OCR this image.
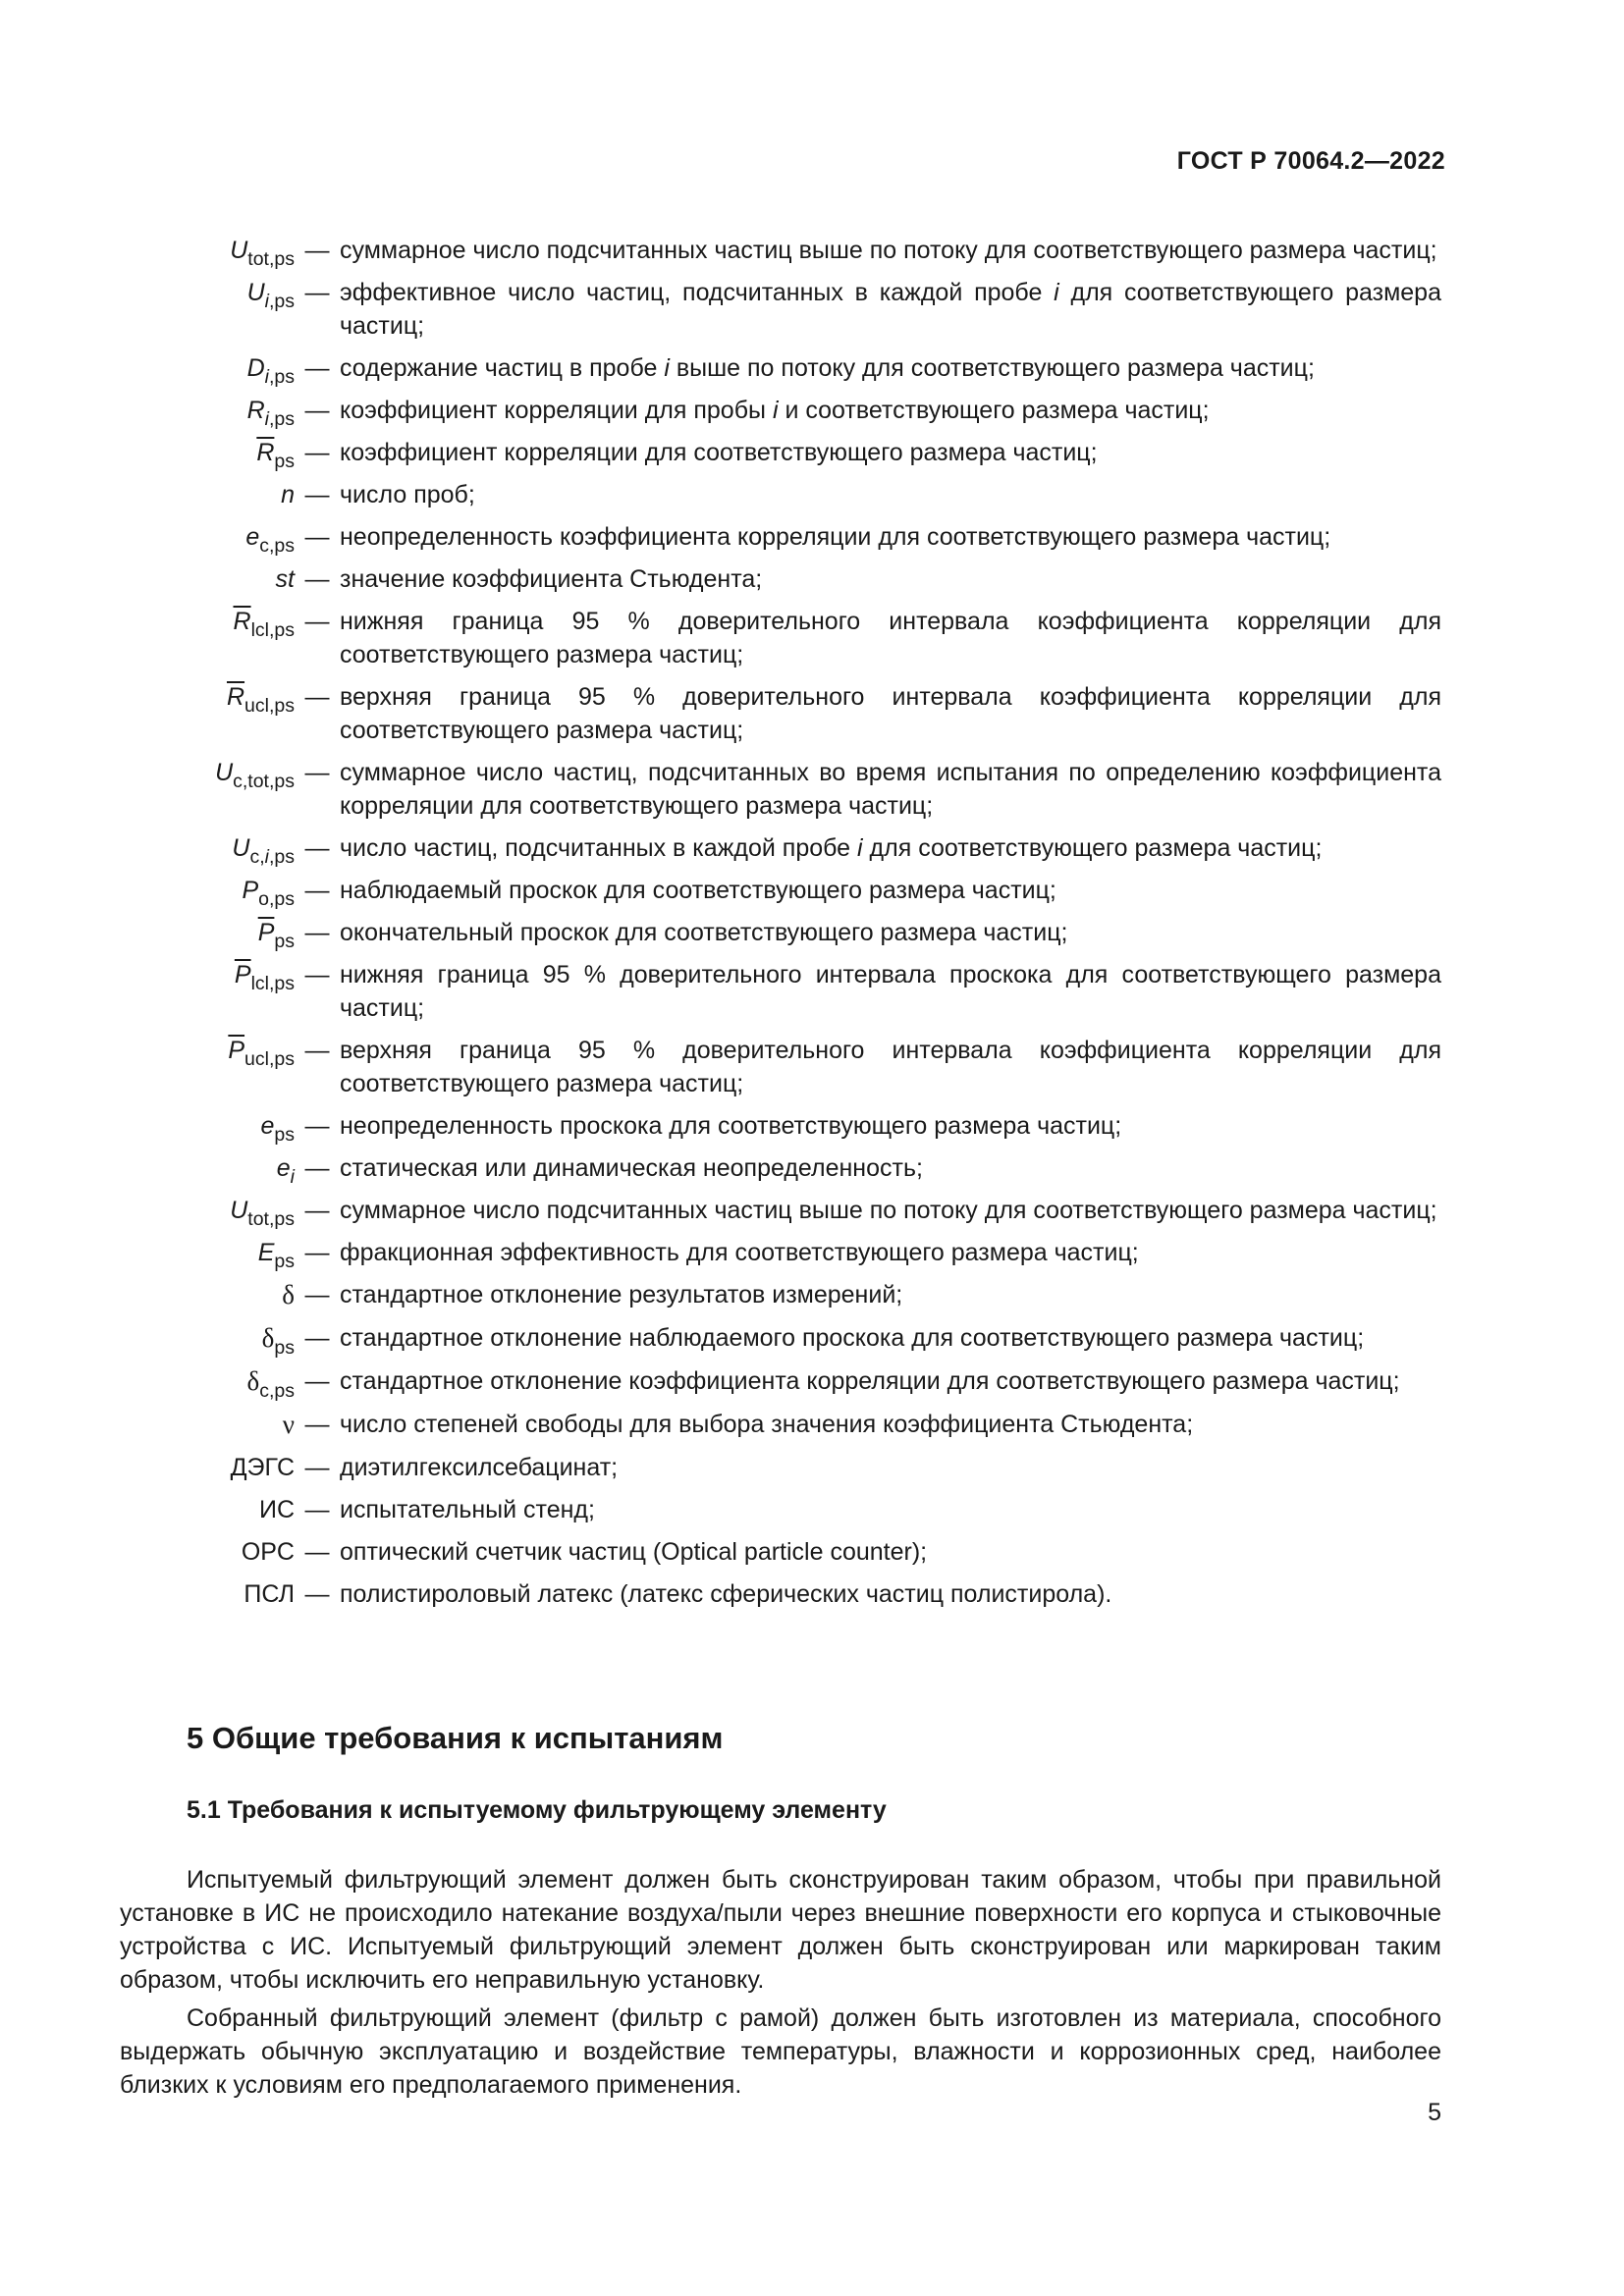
ГОСТ Р 70064.2—2022
$U_{tot,ps}$ — суммарное число подсчитанных частиц выше по потоку для соответствующего размера частиц;
$U_{i,ps}$ — эффективное число частиц, подсчитанных в каждой пробе i для соответствующего размера частиц;
$D_{i,ps}$ — содержание частиц в пробе i выше по потоку для соответствующего размера частиц;
$R_{i,ps}$ — коэффициент корреляции для пробы i и соответствующего размера частиц;
$\overline{R}_{ps}$ — коэффициент корреляции для соответствующего размера частиц;
n — число проб;
$e_{c,ps}$ — неопределенность коэффициента корреляции для соответствующего размера частиц;
st — значение коэффициента Стьюдента;
$\overline{R}_{lcl,ps}$ — нижняя граница 95 % доверительного интервала коэффициента корреляции для соответствующего размера частиц;
$\overline{R}_{ucl,ps}$ — верхняя граница 95 % доверительного интервала коэффициента корреляции для соответствующего размера частиц;
$U_{c,tot,ps}$ — суммарное число частиц, подсчитанных во время испытания по определению коэффициента корреляции для соответствующего размера частиц;
$U_{c,i,ps}$ — число частиц, подсчитанных в каждой пробе i для соответствующего размера частиц;
$P_{o,ps}$ — наблюдаемый проскок для соответствующего размера частиц;
$\overline{P}_{ps}$ — окончательный проскок для соответствующего размера частиц;
$\overline{P}_{lcl,ps}$ — нижняя граница 95 % доверительного интервала проскока для соответствующего размера частиц;
$\overline{P}_{ucl,ps}$ — верхняя граница 95 % доверительного интервала коэффициента корреляции для соответствующего размера частиц;
$e_{ps}$ — неопределенность проскока для соответствующего размера частиц;
$e_i$ — статическая или динамическая неопределенность;
$U_{tot,ps}$ — суммарное число подсчитанных частиц выше по потоку для соответствующего размера частиц;
$E_{ps}$ — фракционная эффективность для соответствующего размера частиц;
δ — стандартное отклонение результатов измерений;
$\delta_{ps}$ — стандартное отклонение наблюдаемого проскока для соответствующего размера частиц;
$\delta_{c,ps}$ — стандартное отклонение коэффициента корреляции для соответствующего размера частиц;
ν — число степеней свободы для выбора значения коэффициента Стьюдента;
ДЭГС — диэтилгексилсебацинат;
ИС — испытательный стенд;
OPC — оптический счетчик частиц (Optical particle counter);
ПСЛ — полистироловый латекс (латекс сферических частиц полистирола).
5 Общие требования к испытаниям
5.1 Требования к испытуемому фильтрующему элементу

Испытуемый фильтрующий элемент должен быть сконструирован таким образом, чтобы при правильной установке в ИС не происходило натекание воздуха/пыли через внешние поверхности его корпуса и стыковочные устройства с ИС. Испытуемый фильтрующий элемент должен быть сконструирован или маркирован таким образом, чтобы исключить его неправильную установку.

Собранный фильтрующий элемент (фильтр с рамой) должен быть изготовлен из материала, способного выдержать обычную эксплуатацию и воздействие температуры, влажности и коррозионных сред, наиболее близких к условиям его предполагаемого применения.

5
